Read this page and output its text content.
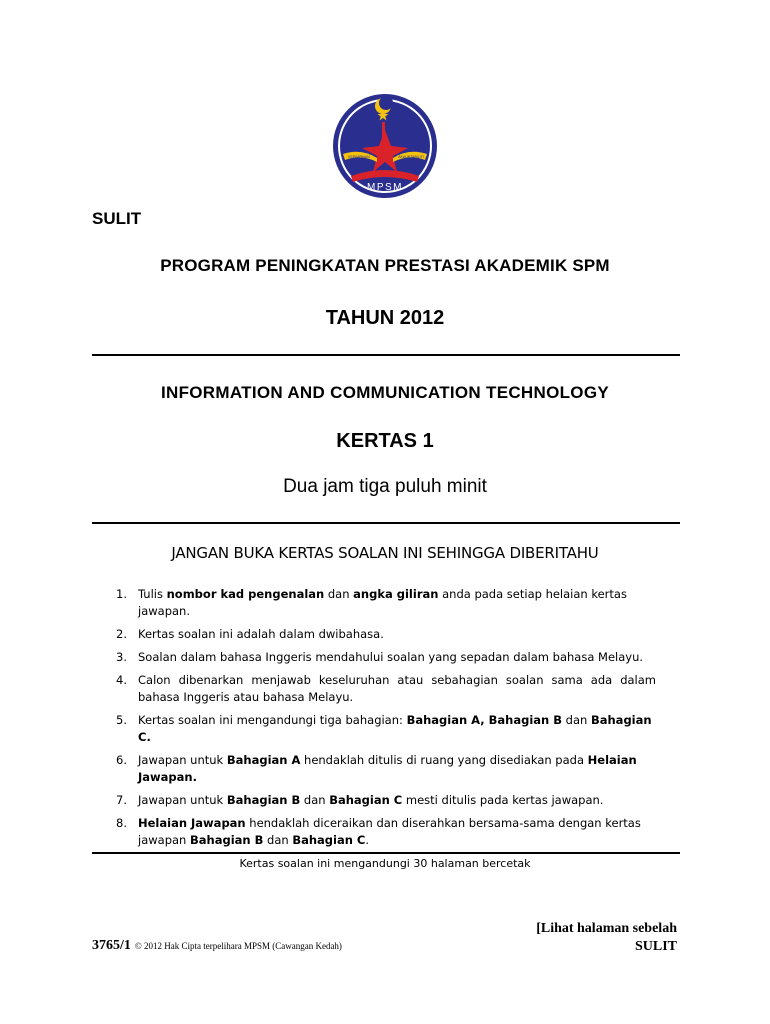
KEPIMPINAN	AKAUNTABILITI
MPSM
SULIT
PROGRAM PENINGKATAN PRESTASI AKADEMIK SPM
TAHUN 2012
INFORMATION AND COMMUNICATION TECHNOLOGY
KERTAS 1
Dua jam tiga puluh minit
JANGAN BUKA KERTAS SOALAN INI SEHINGGA DIBERITAHU
1. Tulis nombor kad pengenalan dan angka giliran anda pada setiap helaian kertas jawapan.
2. Kertas soalan ini adalah dalam dwibahasa.
3. Soalan dalam bahasa Inggeris mendahului soalan yang sepadan dalam bahasa Melayu.
4. Calon dibenarkan menjawab keseluruhan atau sebahagian soalan sama ada dalam bahasa Inggeris atau bahasa Melayu.
5. Kertas soalan ini mengandungi tiga bahagian: Bahagian A, Bahagian B dan Bahagian C.
6. Jawapan untuk Bahagian A hendaklah ditulis di ruang yang disediakan pada Helaian Jawapan.
7. Jawapan untuk Bahagian B dan Bahagian C mesti ditulis pada kertas jawapan.
8. Helaian Jawapan hendaklah diceraikan dan diserahkan bersama-sama dengan kertas jawapan Bahagian B dan Bahagian C.
Kertas soalan ini mengandungi 30 halaman bercetak
[Lihat halaman sebelah
SULIT
3765/1 © 2012 Hak Cipta terpelihara MPSM (Cawangan Kedah)
